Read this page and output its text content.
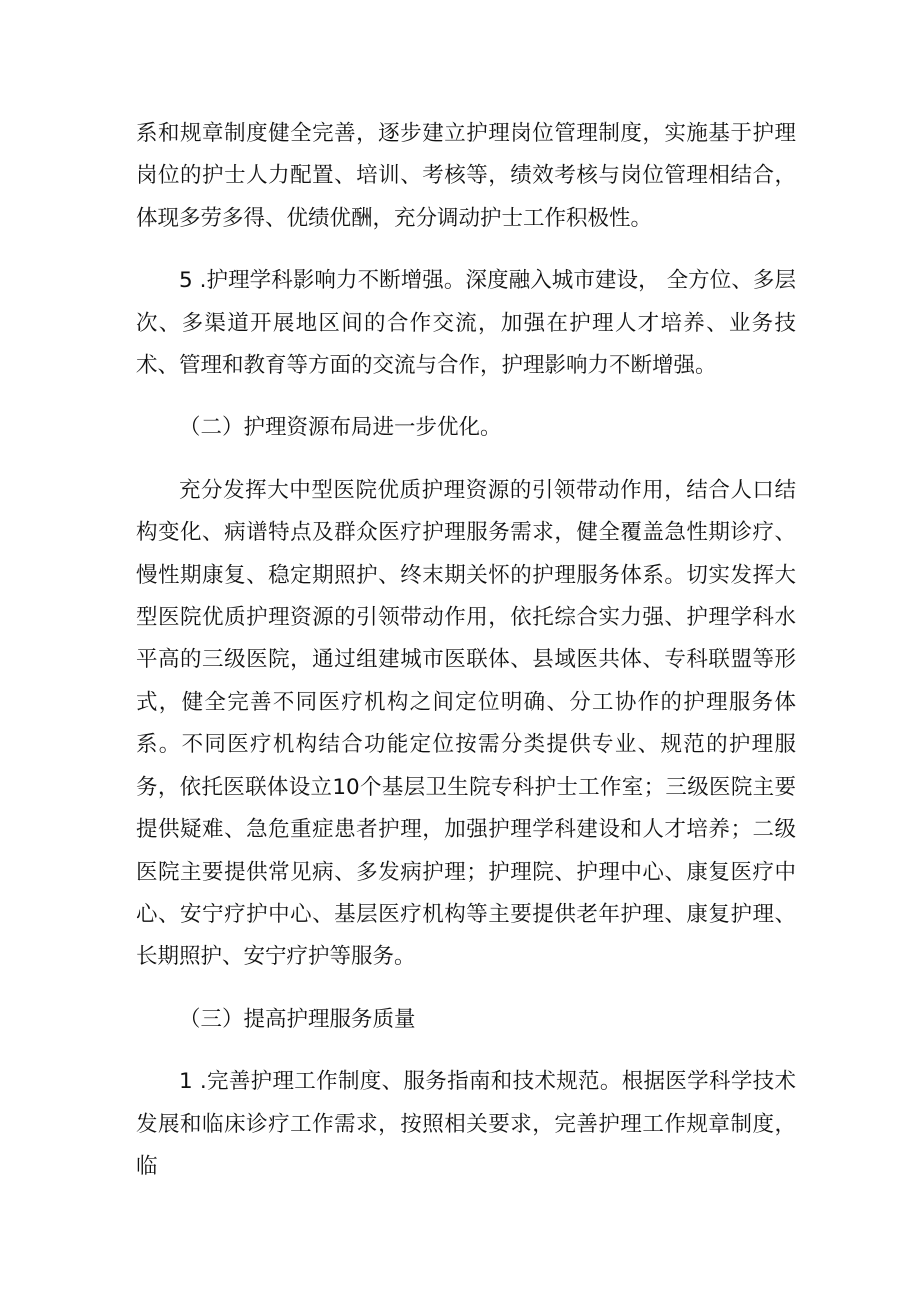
系和规章制度健全完善，逐步建立护理岗位管理制度，实施基于护理岗位的护士人力配置、培训、考核等，绩效考核与岗位管理相结合，体现多劳多得、优绩优酬，充分调动护士工作积极性。

5 .护理学科影响力不断增强。深度融入城市建设， 全方位、多层次、多渠道开展地区间的合作交流，加强在护理人才培养、业务技术、管理和教育等方面的交流与合作，护理影响力不断增强。

（二）护理资源布局进一步优化。

充分发挥大中型医院优质护理资源的引领带动作用，结合人口结构变化、病谱特点及群众医疗护理服务需求，健全覆盖急性期诊疗、慢性期康复、稳定期照护、终末期关怀的护理服务体系。切实发挥大型医院优质护理资源的引领带动作用，依托综合实力强、护理学科水平高的三级医院，通过组建城市医联体、县域医共体、专科联盟等形式，健全完善不同医疗机构之间定位明确、分工协作的护理服务体系。不同医疗机构结合功能定位按需分类提供专业、规范的护理服务，依托医联体设立10个基层卫生院专科护士工作室；三级医院主要提供疑难、急危重症患者护理，加强护理学科建设和人才培养；二级医院主要提供常见病、多发病护理；护理院、护理中心、康复医疗中心、安宁疗护中心、基层医疗机构等主要提供老年护理、康复护理、长期照护、安宁疗护等服务。

（三）提高护理服务质量

1 .完善护理工作制度、服务指南和技术规范。根据医学科学技术发展和临床诊疗工作需求，按照相关要求，完善护理工作规章制度，临
